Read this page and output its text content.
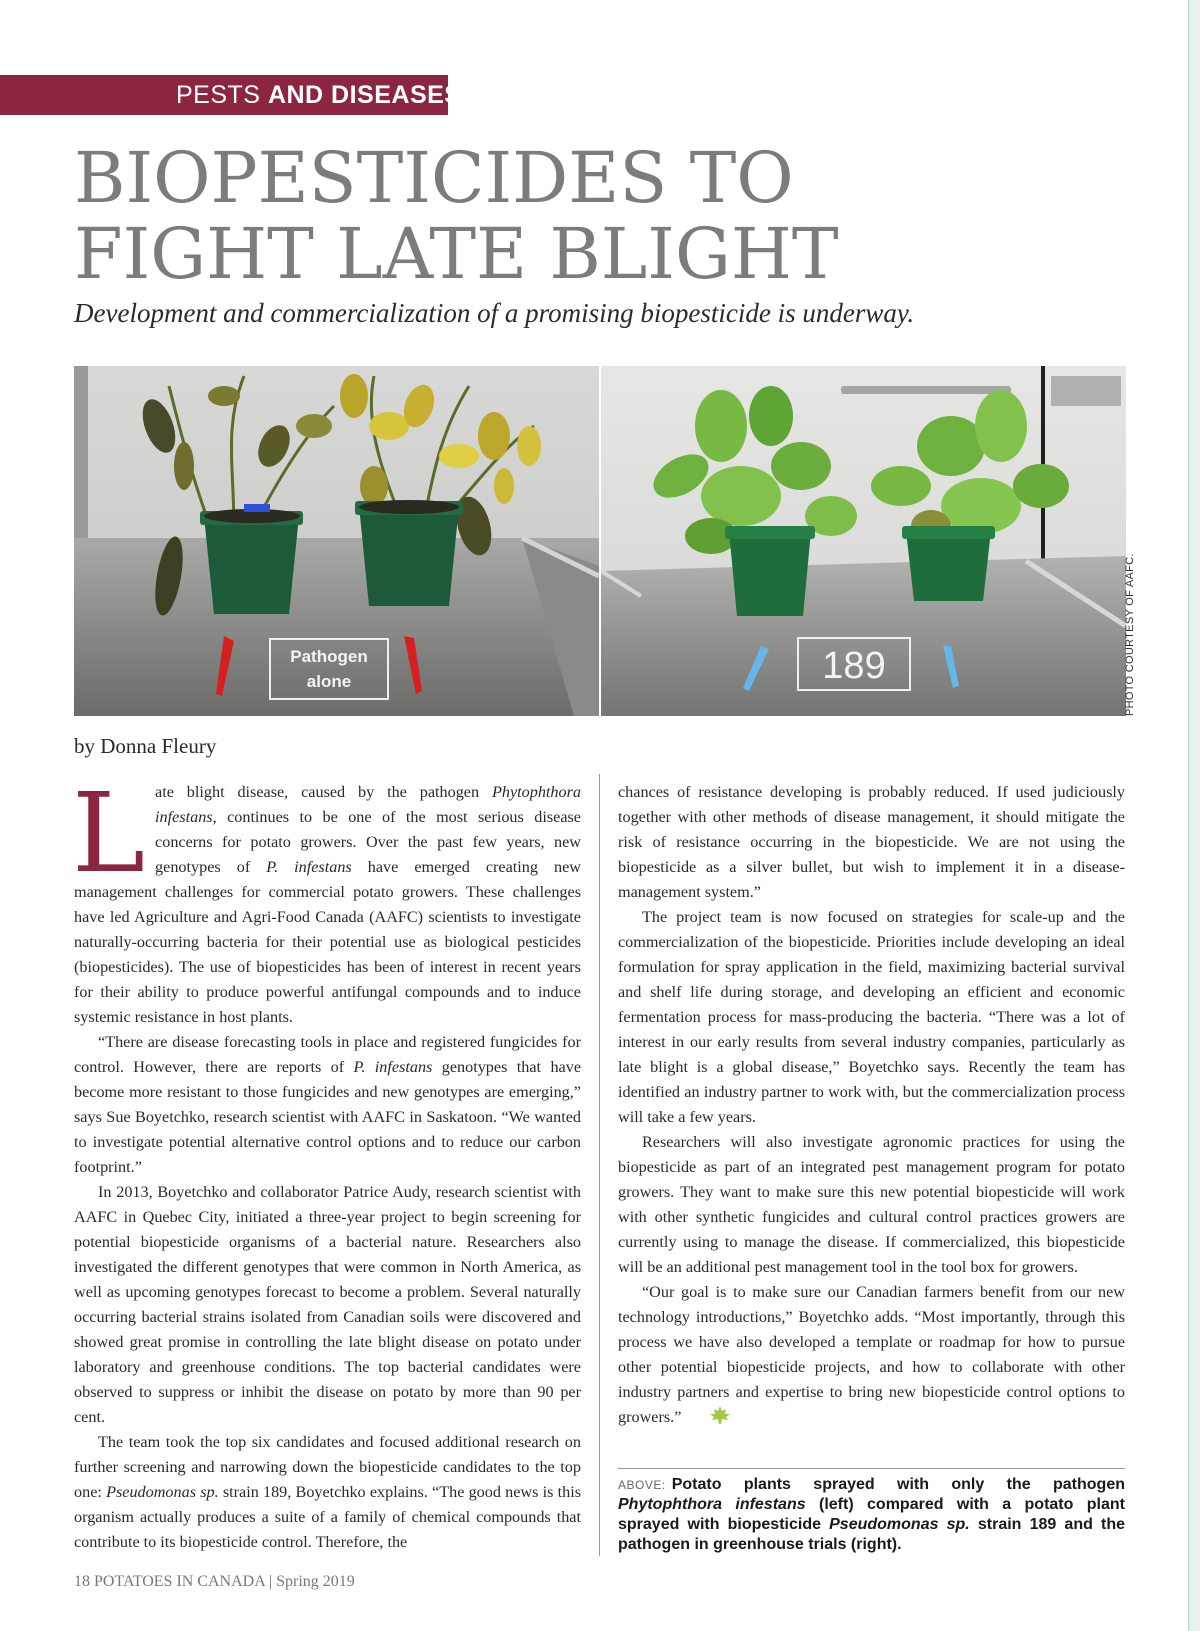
PESTS AND DISEASES
BIOPESTICIDES TO
FIGHT LATE BLIGHT
Development and commercialization of a promising biopesticide is underway.
Pathogen
alone	189	PHOTO COURTESY OF AAFC.
by Donna Fleury

Late blight disease, caused by the pathogen Phytophthora infestans, continues to be one of the most serious disease concerns for potato growers. Over the past few years, new genotypes of P. infestans have emerged creating new management challenges for commercial potato growers. These challenges have led Agriculture and Agri-Food Canada (AAFC) scientists to investigate naturally-occurring bacteria for their potential use as biological pesticides (biopesticides). The use of biopesticides has been of interest in recent years for their ability to produce powerful antifungal compounds and to induce systemic resistance in host plants.

“There are disease forecasting tools in place and registered fungicides for control. However, there are reports of P. infestans genotypes that have become more resistant to those fungicides and new genotypes are emerging,” says Sue Boyetchko, research scientist with AAFC in Saskatoon. “We wanted to investigate potential alternative control options and to reduce our carbon footprint.”

In 2013, Boyetchko and collaborator Patrice Audy, research scientist with AAFC in Quebec City, initiated a three-year project to begin screening for potential biopesticide organisms of a bacterial nature. Researchers also investigated the different genotypes that were common in North America, as well as upcoming genotypes forecast to become a problem. Several naturally occurring bacterial strains isolated from Canadian soils were discovered and showed great promise in controlling the late blight disease on potato under laboratory and greenhouse conditions. The top bacterial candidates were observed to suppress or inhibit the disease on potato by more than 90 per cent.

The team took the top six candidates and focused additional research on further screening and narrowing down the biopesticide candidates to the top one: Pseudomonas sp. strain 189, Boyetchko explains. “The good news is this organism actually produces a suite of a family of chemical compounds that contribute to its biopesticide control. Therefore, the

chances of resistance developing is probably reduced. If used judiciously together with other methods of disease management, it should mitigate the risk of resistance occurring in the biopesticide. We are not using the biopesticide as a silver bullet, but wish to implement it in a disease-management system.”

The project team is now focused on strategies for scale-up and the commercialization of the biopesticide. Priorities include developing an ideal formulation for spray application in the field, maximizing bacterial survival and shelf life during storage, and developing an efficient and economic fermentation process for mass-producing the bacteria. “There was a lot of interest in our early results from several industry companies, particularly as late blight is a global disease,” Boyetchko says. Recently the team has identified an industry partner to work with, but the commercialization process will take a few years.

Researchers will also investigate agronomic practices for using the biopesticide as part of an integrated pest management program for potato growers. They want to make sure this new potential biopesticide will work with other synthetic fungicides and cultural control practices growers are currently using to manage the disease. If commercialized, this biopesticide will be an additional pest management tool in the tool box for growers.

“Our goal is to make sure our Canadian farmers benefit from our new technology introductions,” Boyetchko adds. “Most importantly, through this process we have also developed a template or roadmap for how to pursue other potential biopesticide projects, and how to collaborate with other industry partners and expertise to bring new biopesticide control options to growers.”

ABOVE: Potato plants sprayed with only the pathogen Phytophthora infestans (left) compared with a potato plant sprayed with biopesticide Pseudomonas sp. strain 189 and the pathogen in greenhouse trials (right).
18 POTATOES IN CANADA | Spring 2019
